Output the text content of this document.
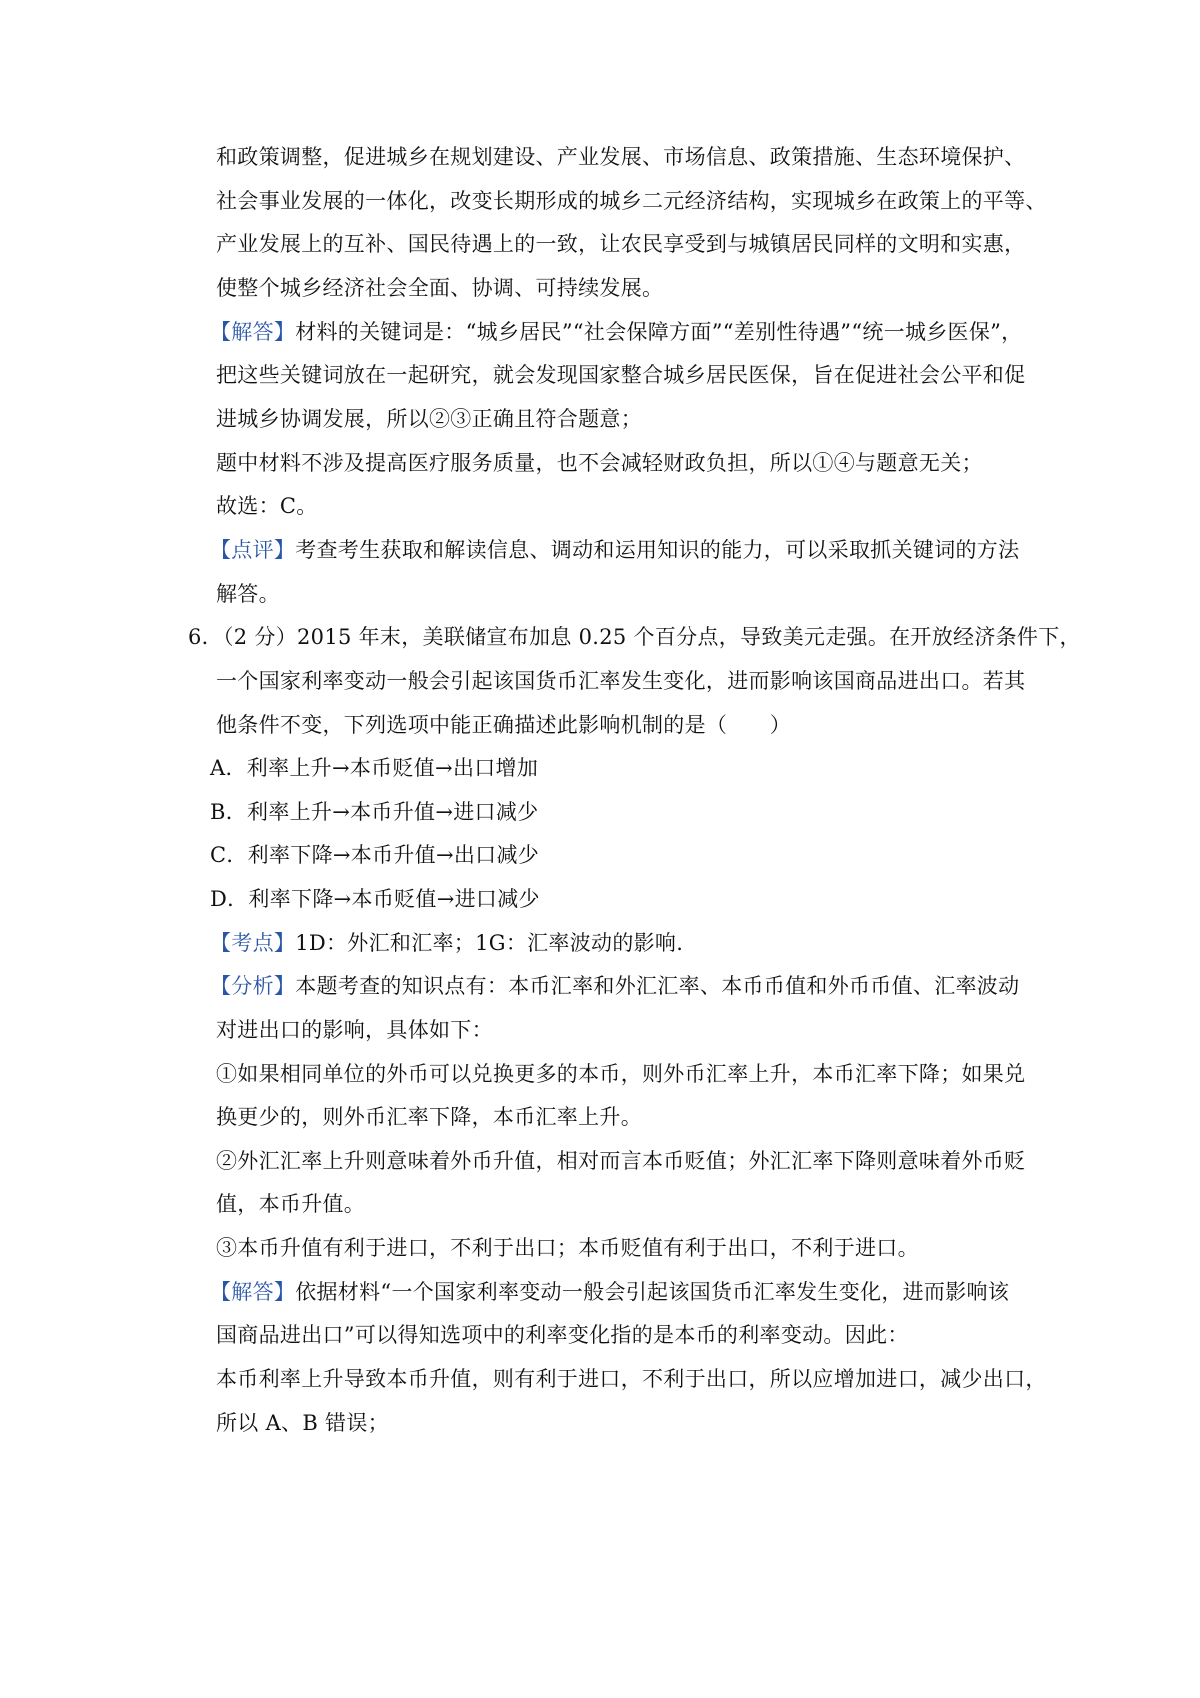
和政策调整，促进城乡在规划建设、产业发展、市场信息、政策措施、生态环境保护、
社会事业发展的一体化，改变长期形成的城乡二元经济结构，实现城乡在政策上的平等、
产业发展上的互补、国民待遇上的一致，让农民享受到与城镇居民同样的文明和实惠，
使整个城乡经济社会全面、协调、可持续发展。
【解答】材料的关键词是：“城乡居民”“社会保障方面”“差别性待遇”“统一城乡医保”，
把这些关键词放在一起研究，就会发现国家整合城乡居民医保，旨在促进社会公平和促
进城乡协调发展，所以②③正确且符合题意；
题中材料不涉及提高医疗服务质量，也不会减轻财政负担，所以①④与题意无关；
故选：C。
【点评】考查考生获取和解读信息、调动和运用知识的能力，可以采取抓关键词的方法
解答。
6．（2 分）2015 年末，美联储宣布加息 0.25 个百分点，导致美元走强。在开放经济条件下，
一个国家利率变动一般会引起该国货币汇率发生变化，进而影响该国商品进出口。若其
他条件不变，下列选项中能正确描述此影响机制的是（　　）
A．利率上升→本币贬值→出口增加
B．利率上升→本币升值→进口减少
C．利率下降→本币升值→出口减少
D．利率下降→本币贬值→进口减少
【考点】1D：外汇和汇率；1G：汇率波动的影响.
【分析】本题考查的知识点有：本币汇率和外汇汇率、本币币值和外币币值、汇率波动
对进出口的影响，具体如下：
①如果相同单位的外币可以兑换更多的本币，则外币汇率上升，本币汇率下降；如果兑
换更少的，则外币汇率下降，本币汇率上升。
②外汇汇率上升则意味着外币升值，相对而言本币贬值；外汇汇率下降则意味着外币贬
值，本币升值。
③本币升值有利于进口，不利于出口；本币贬值有利于出口，不利于进口。
【解答】依据材料“一个国家利率变动一般会引起该国货币汇率发生变化，进而影响该
国商品进出口”可以得知选项中的利率变化指的是本币的利率变动。因此：
本币利率上升导致本币升值，则有利于进口，不利于出口，所以应增加进口，减少出口，
所以 A、B 错误；
